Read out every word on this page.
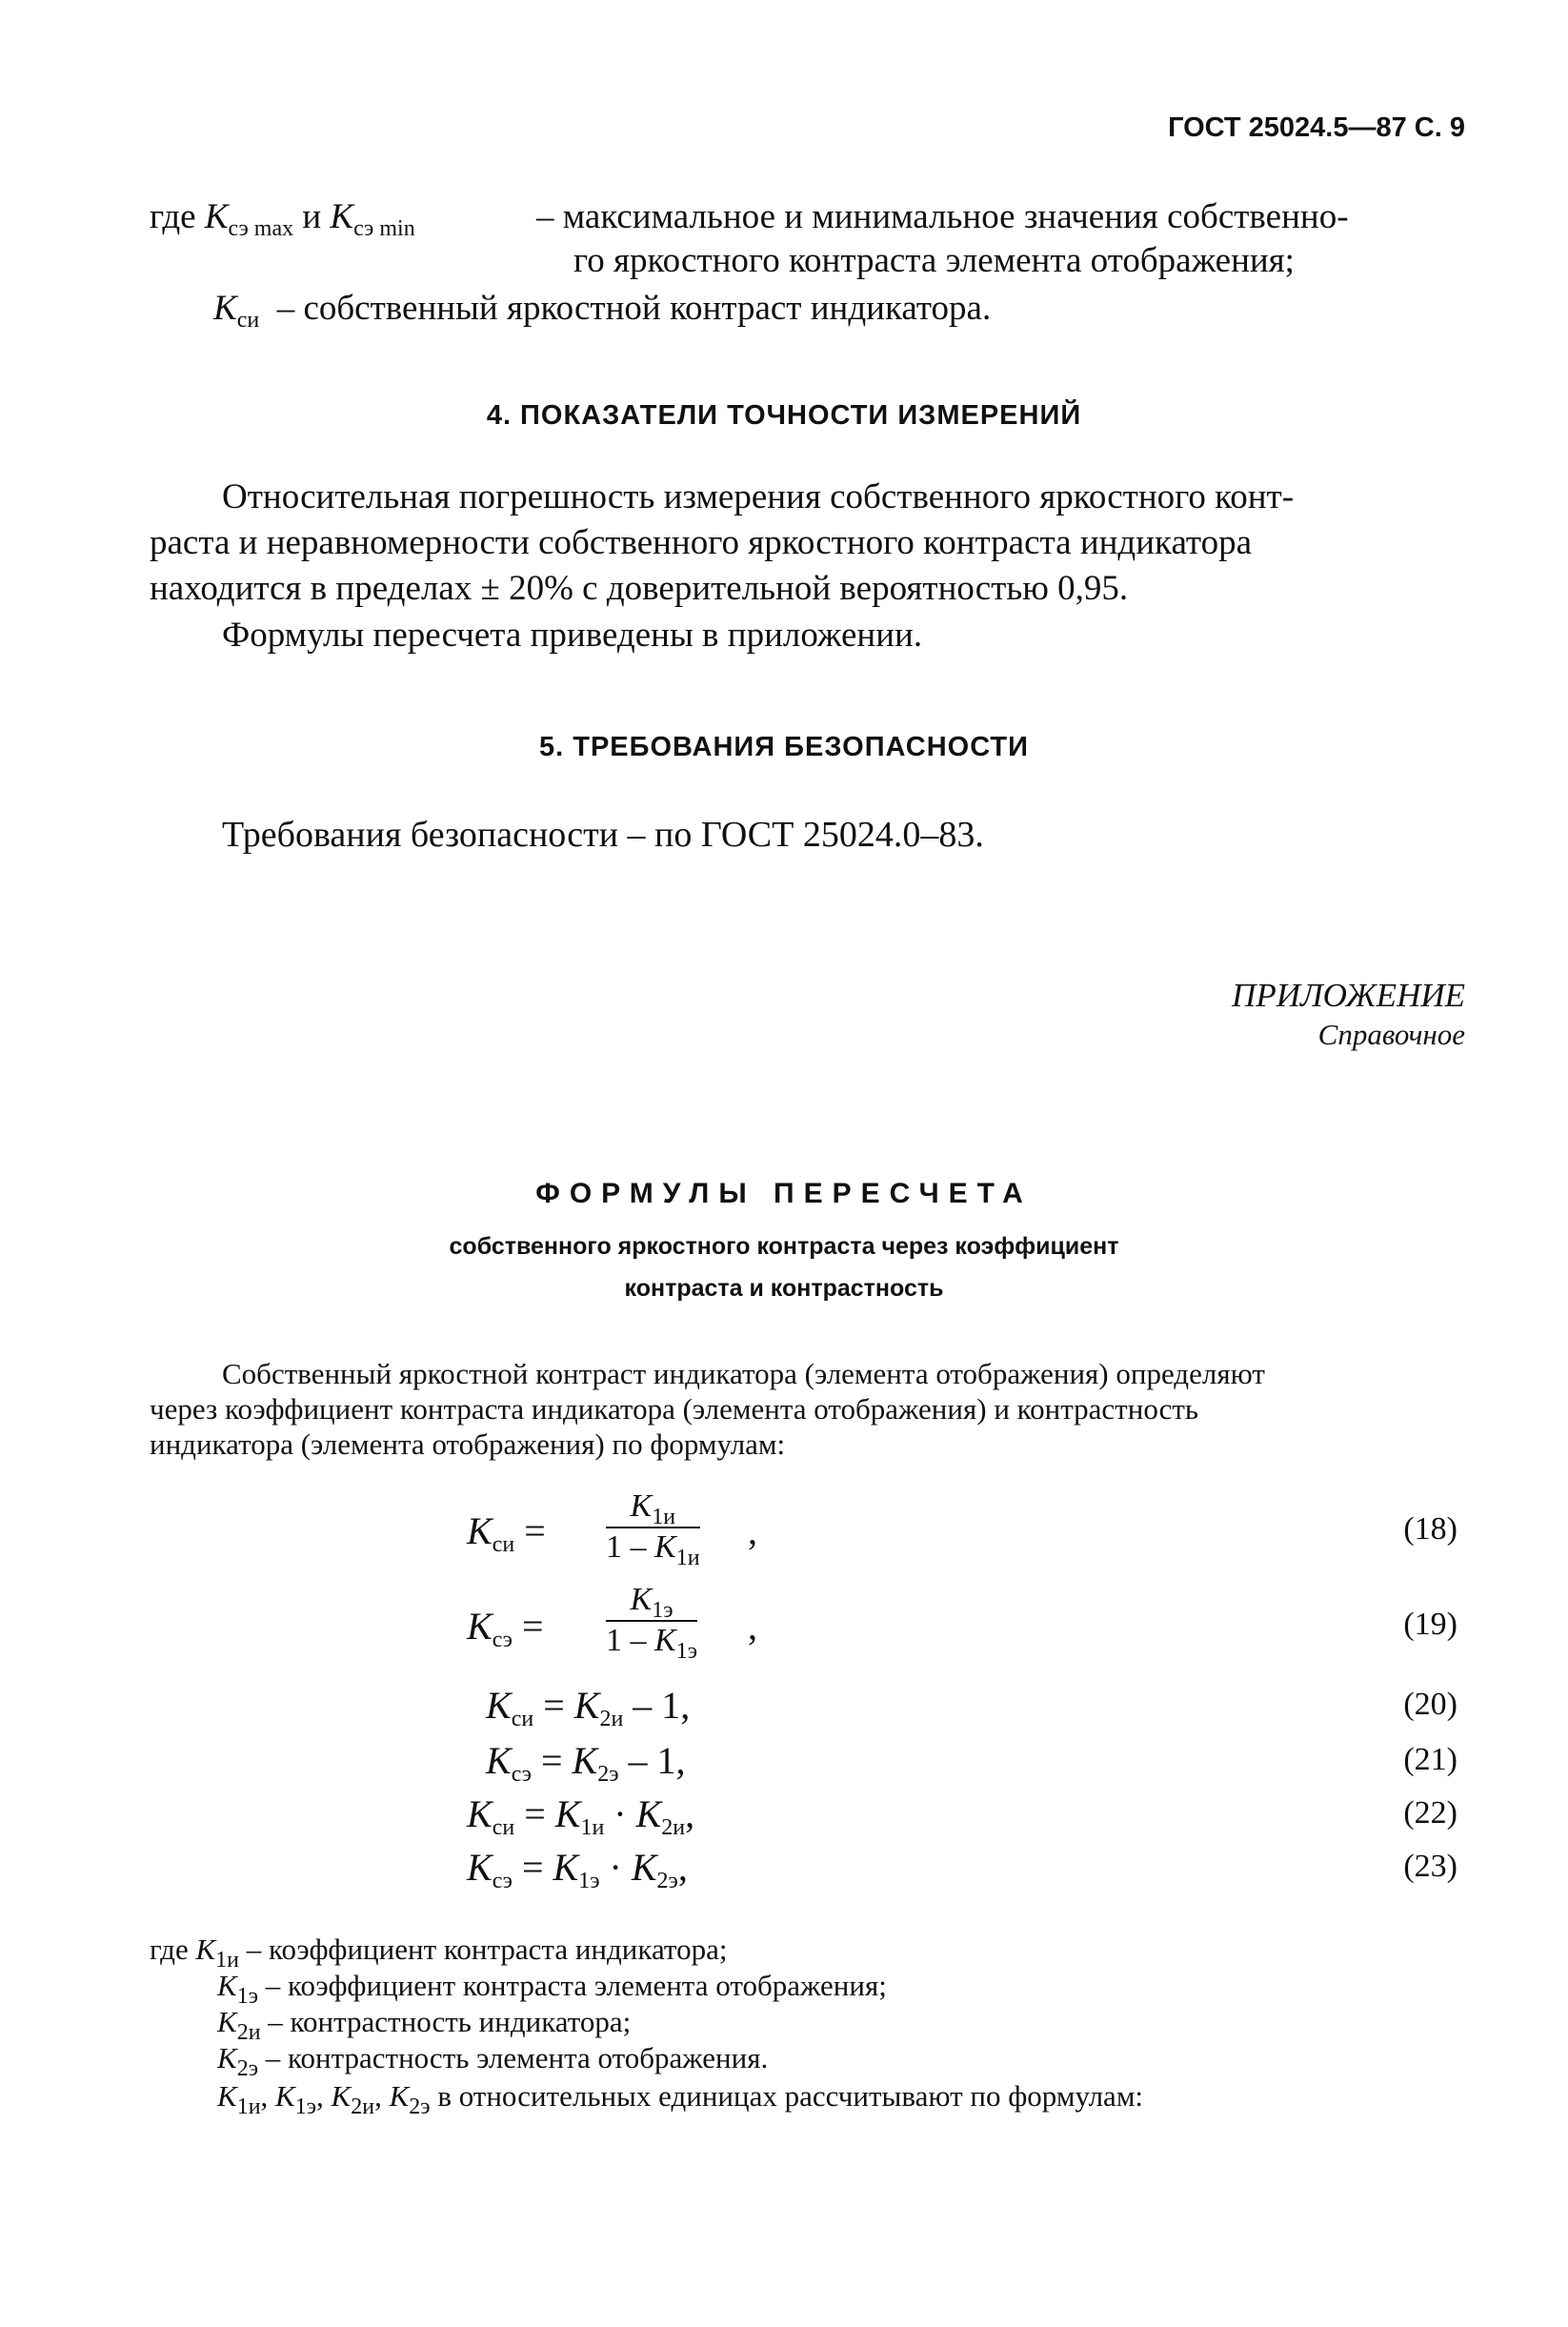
ГОСТ 25024.5—87 С. 9
где $K_{сэ max}$ и $K_{сэ min}$	– максимальное и минимальное значения собственно-
го яркостного контраста элемента отображения;
$K_{си}$ – собственный яркостной контраст индикатора.
4. ПОКАЗАТЕЛИ ТОЧНОСТИ ИЗМЕРЕНИЙ
Относительная погрешность измерения собственного яркостного конт-
раста и неравномерности собственного яркостного контраста индикатора
находится в пределах ± 20% с доверительной вероятностью 0,95.
Формулы пересчета приведены в приложении.
5. ТРЕБОВАНИЯ БЕЗОПАСНОСТИ
Требования безопасности – по ГОСТ 25024.0–83.
ПРИЛОЖЕНИЕ
Справочное
ФОРМУЛЫ ПЕРЕСЧЕТА
собственного яркостного контраста через коэффициент
контраста и контрастность
Собственный яркостной контраст индикатора (элемента отображения) определяют
через коэффициент контраста индикатора (элемента отображения) и контрастность
индикатора (элемента отображения) по формулам:
$K_{си}$ =
$K_{1и}$
$1 - K_{1и}$
,	(18)
$K_{сэ}$ =
$K_{1э}$
$1 - K_{1э}$
,	(19)
$K_{си} = K_{2и} - 1$,	(20)
$K_{сэ} = K_{2э} - 1$,	(21)
$K_{си} = K_{1и} \cdot K_{2и}$,	(22)
$K_{сэ} = K_{1э} \cdot K_{2э}$,	(23)
где $K_{1и}$ – коэффициент контраста индикатора;
$K_{1э}$ – коэффициент контраста элемента отображения;
$K_{2и}$ – контрастность индикатора;
$K_{2э}$ – контрастность элемента отображения.
$K_{1и}$, $K_{1э}$, $K_{2и}$, $K_{2э}$ в относительных единицах рассчитывают по формулам:
